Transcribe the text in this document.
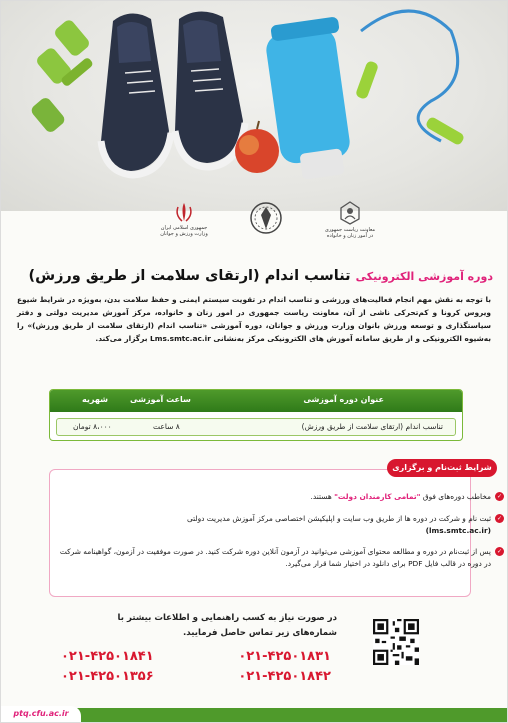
معاونت ریاست جمهوری
در امور زنان و خانواده
جمهوری اسلامی ایران
وزارت ورزش و جوانان
دوره آموزشی الکترونیکی تناسب اندام (ارتقای سلامت از طریق ورزش)
با توجه به نقش مهم انجام فعالیت‌های ورزشی و تناسب اندام در تقویت سیستم ایمنی و حفظ سلامت بدن، به‌ویژه در شرایط شیوع ویروس کرونا و کم‌تحرکی ناشی از آن، معاونت ریاست جمهوری در امور زنان و خانواده، مرکز آموزش مدیریت دولتی و دفتر سیاستگذاری و توسعه ورزش بانوان وزارت ورزش و جوانان، دوره آموزشی «تناسب اندام (ارتقای سلامت از طریق ورزش)» را به‌شیوه الکترونیکی و از طریق سامانه آموزش های الکترونیکی مرکز به‌نشانی Lms.smtc.ac.ir برگزار می‌کند.
عنوان دوره آموزشی
ساعت آموزشی
شهریه
تناسب اندام (ارتقای سلامت از طریق ورزش)
۸ ساعت
۸،۰۰۰ تومان
شرایط ثبت‌نام و برگزاری
✓
مخاطب دوره‌های فوق "تمامی کارمندان دولت" هستند.
✓
ثبت نام و شرکت در دوره ها از طریق وب سایت و اپلیکیشن اختصاصی مرکز آموزش مدیریت دولتی
(lms.smtc.ac.ir)
✓
پس از ثبت‌نام در دوره و مطالعه محتوای آموزشی می‌توانید در آزمون آنلاین دوره شرکت کنید. در صورت موفقیت در آزمون، گواهینامه شرکت در دوره در قالب فایل PDF برای دانلود در اختیار شما قرار می‌گیرد.
در صورت نیاز به کسب راهنمایی و اطلاعات بیشتر با شماره‌های زیر تماس حاصل فرمایید.
۰۲۱-۴۲۵۰۱۸۳۱
۰۲۱-۴۲۵۰۱۸۴۱
۰۲۱-۴۲۵۰۱۸۴۲
۰۲۱-۴۲۵۰۱۳۵۶
ptq.cfu.ac.ir
